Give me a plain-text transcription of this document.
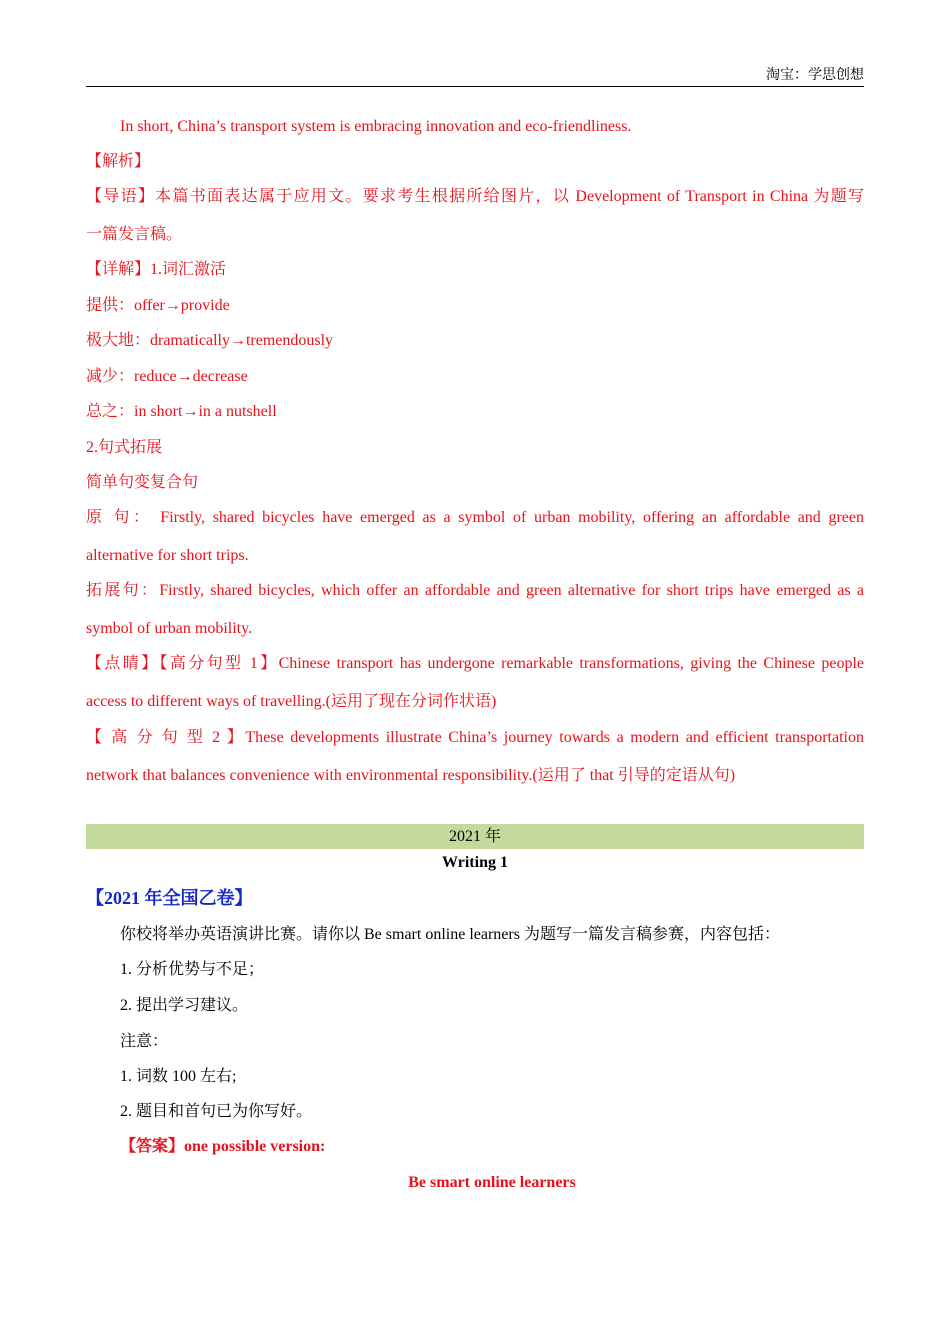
淘宝：学思创想
In short, China’s transport system is embracing innovation and eco-friendliness.
【解析】
【导语】本篇书面表达属于应用文。要求考生根据所给图片，以 Development of Transport in China 为题写
一篇发言稿。
【详解】1.词汇激活
提供：offer→provide
极大地：dramatically→tremendously
减少：reduce→decrease
总之：in short→in a nutshell
2.句式拓展
简单句变复合句
原 句： Firstly, shared bicycles have emerged as a symbol of urban mobility, offering an affordable and green
alternative for short trips.
拓展句：Firstly, shared bicycles, which offer an affordable and green alternative for short trips have emerged as a
symbol of urban mobility.
【点睛】【高分句型 1】Chinese transport has undergone remarkable transformations, giving the Chinese people
access to different ways of travelling.(运用了现在分词作状语)
【 高 分 句 型 2 】These developments illustrate China’s journey towards a modern and efficient transportation
network that balances convenience with environmental responsibility.(运用了 that 引导的定语从句)
2021 年
Writing 1
【2021 年全国乙卷】
你校将举办英语演讲比赛。请你以 Be smart online learners 为题写一篇发言稿参赛，内容包括：
1. 分析优势与不足；
2. 提出学习建议。
注意：
1. 词数 100 左右;
2. 题目和首句已为你写好。
【答案】one possible version:
Be smart online learners
